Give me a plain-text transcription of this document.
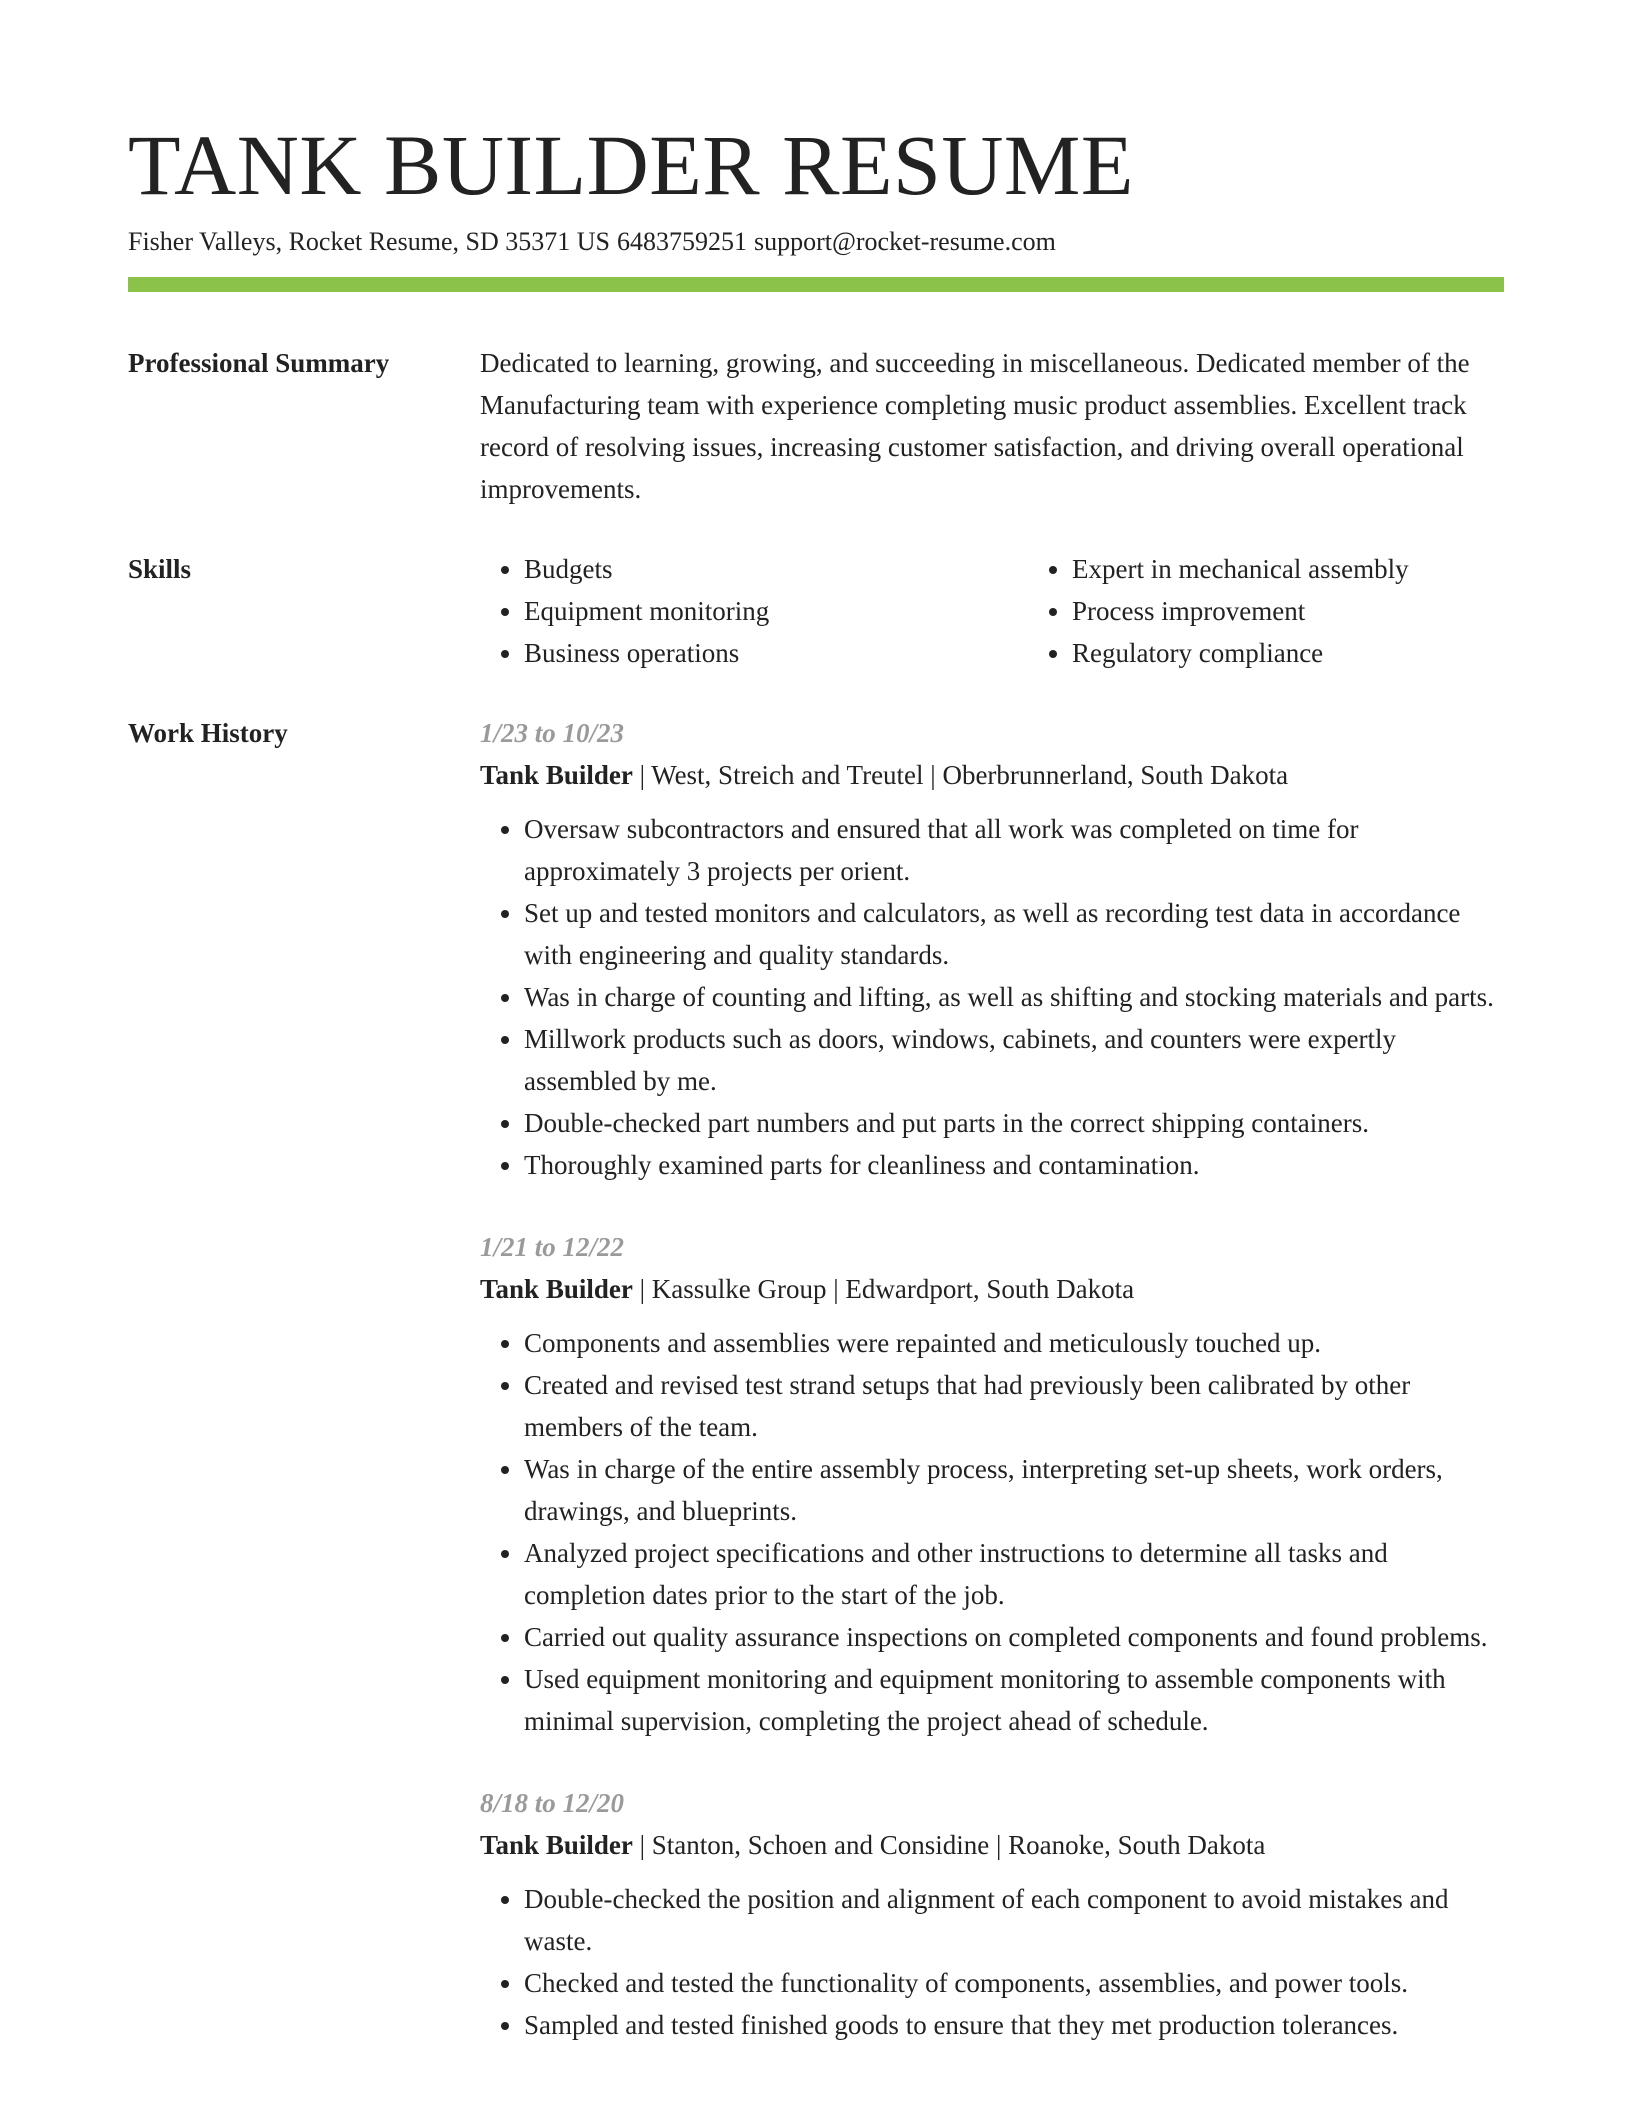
TANK BUILDER RESUME
Fisher Valleys, Rocket Resume, SD 35371 US 6483759251 support@rocket-resume.com
Professional Summary	Dedicated to learning, growing, and succeeding in miscellaneous. Dedicated member of the Manufacturing team with experience completing music product assemblies. Excellent track record of resolving issues, increasing customer satisfaction, and driving overall operational improvements.
Skills
•	Budgets
• Equipment monitoring
• Business operations
• Expert in mechanical assembly
• Process improvement
• Regulatory compliance
Work History	1/23 to 10/23
Tank Builder | West, Streich and Treutel | Oberbrunnerland, South Dakota
• Oversaw subcontractors and ensured that all work was completed on time for approximately 3 projects per orient.
• Set up and tested monitors and calculators, as well as recording test data in accordance with engineering and quality standards.
• Was in charge of counting and lifting, as well as shifting and stocking materials and parts.
• Millwork products such as doors, windows, cabinets, and counters were expertly assembled by me.
• Double-checked part numbers and put parts in the correct shipping containers.
• Thoroughly examined parts for cleanliness and contamination.
1/21 to 12/22
Tank Builder | Kassulke Group | Edwardport, South Dakota
• Components and assemblies were repainted and meticulously touched up.
• Created and revised test strand setups that had previously been calibrated by other members of the team.
• Was in charge of the entire assembly process, interpreting set-up sheets, work orders, drawings, and blueprints.
• Analyzed project specifications and other instructions to determine all tasks and completion dates prior to the start of the job.
• Carried out quality assurance inspections on completed components and found problems.
• Used equipment monitoring and equipment monitoring to assemble components with minimal supervision, completing the project ahead of schedule.
8/18 to 12/20
Tank Builder | Stanton, Schoen and Considine | Roanoke, South Dakota
• Double-checked the position and alignment of each component to avoid mistakes and waste.
• Checked and tested the functionality of components, assemblies, and power tools.
• Sampled and tested finished goods to ensure that they met production tolerances.
